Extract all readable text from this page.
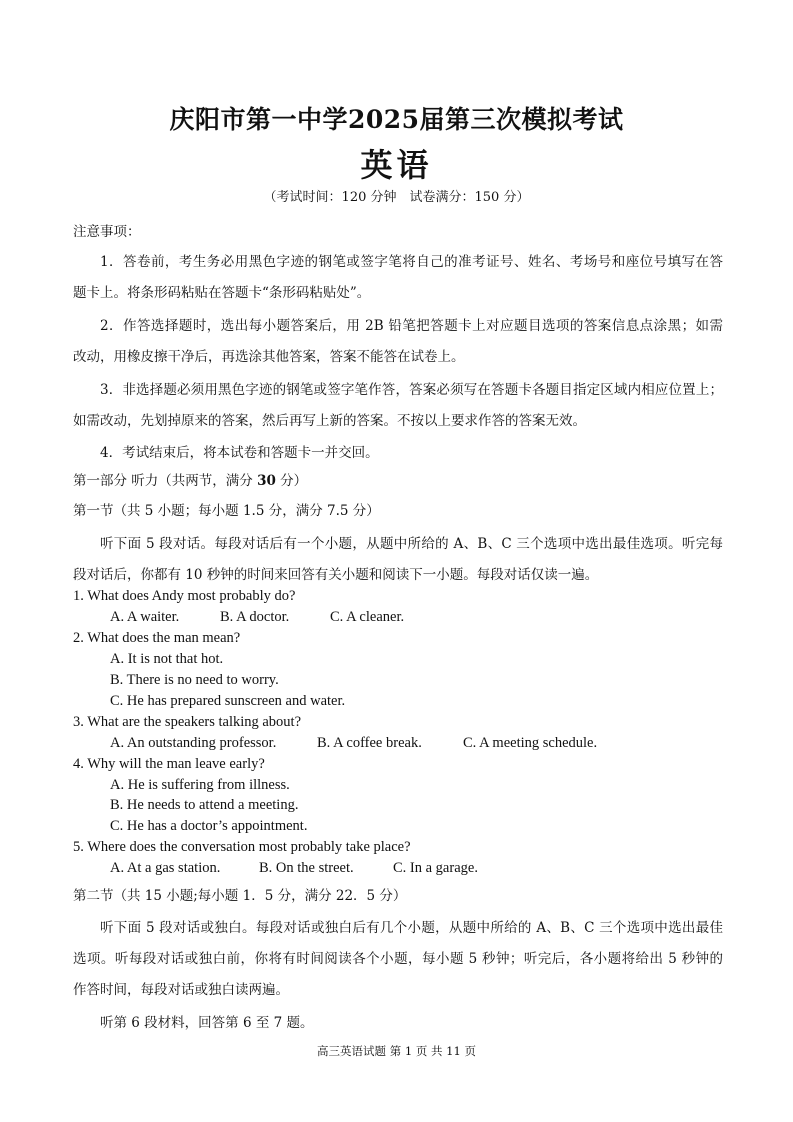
庆阳市第一中学2025届第三次模拟考试
英语
（考试时间：120 分钟　试卷满分：150 分）
注意事项：
1．答卷前，考生务必用黑色字迹的钢笔或签字笔将自己的准考证号、姓名、考场号和座位号填写在答
题卡上。将条形码粘贴在答题卡“条形码粘贴处”。
2．作答选择题时，选出每小题答案后，用 2B 铅笔把答题卡上对应题目选项的答案信息点涂黑；如需
改动，用橡皮擦干净后，再选涂其他答案，答案不能答在试卷上。
3．非选择题必须用黑色字迹的钢笔或签字笔作答，答案必须写在答题卡各题目指定区域内相应位置上；
如需改动，先划掉原来的答案，然后再写上新的答案。不按以上要求作答的答案无效。
4．考试结束后，将本试卷和答题卡一并交回。
第一部分 听力（共两节，满分 30 分）
第一节（共 5 小题；每小题 1.5 分，满分 7.5 分）
听下面 5 段对话。每段对话后有一个小题，从题中所给的 A、B、C 三个选项中选出最佳选项。听完每
段对话后，你都有 10 秒钟的时间来回答有关小题和阅读下一小题。每段对话仅读一遍。
1. What does Andy most probably do?
A. A waiter.	B. A doctor.	C. A cleaner.
2. What does the man mean?
A. It is not that hot.
B. There is no need to worry.
C. He has prepared sunscreen and water.
3. What are the speakers talking about?
A. An outstanding professor.	B. A coffee break.	C. A meeting schedule.
4. Why will the man leave early?
A. He is suffering from illness.
B. He needs to attend a meeting.
C. He has a doctor’s appointment.
5. Where does the conversation most probably take place?
A. At a gas station.	B. On the street.	C. In a garage.
第二节（共 15 小题;每小题 1．5 分，满分 22．5 分）
听下面 5 段对话或独白。每段对话或独白后有几个小题，从题中所给的 A、B、C 三个选项中选出最佳
选项。听每段对话或独白前，你将有时间阅读各个小题，每小题 5 秒钟；听完后，各小题将给出 5 秒钟的
作答时间，每段对话或独白读两遍。
听第 6 段材料，回答第 6 至 7 题。
高三英语试题 第 1 页 共 11 页
